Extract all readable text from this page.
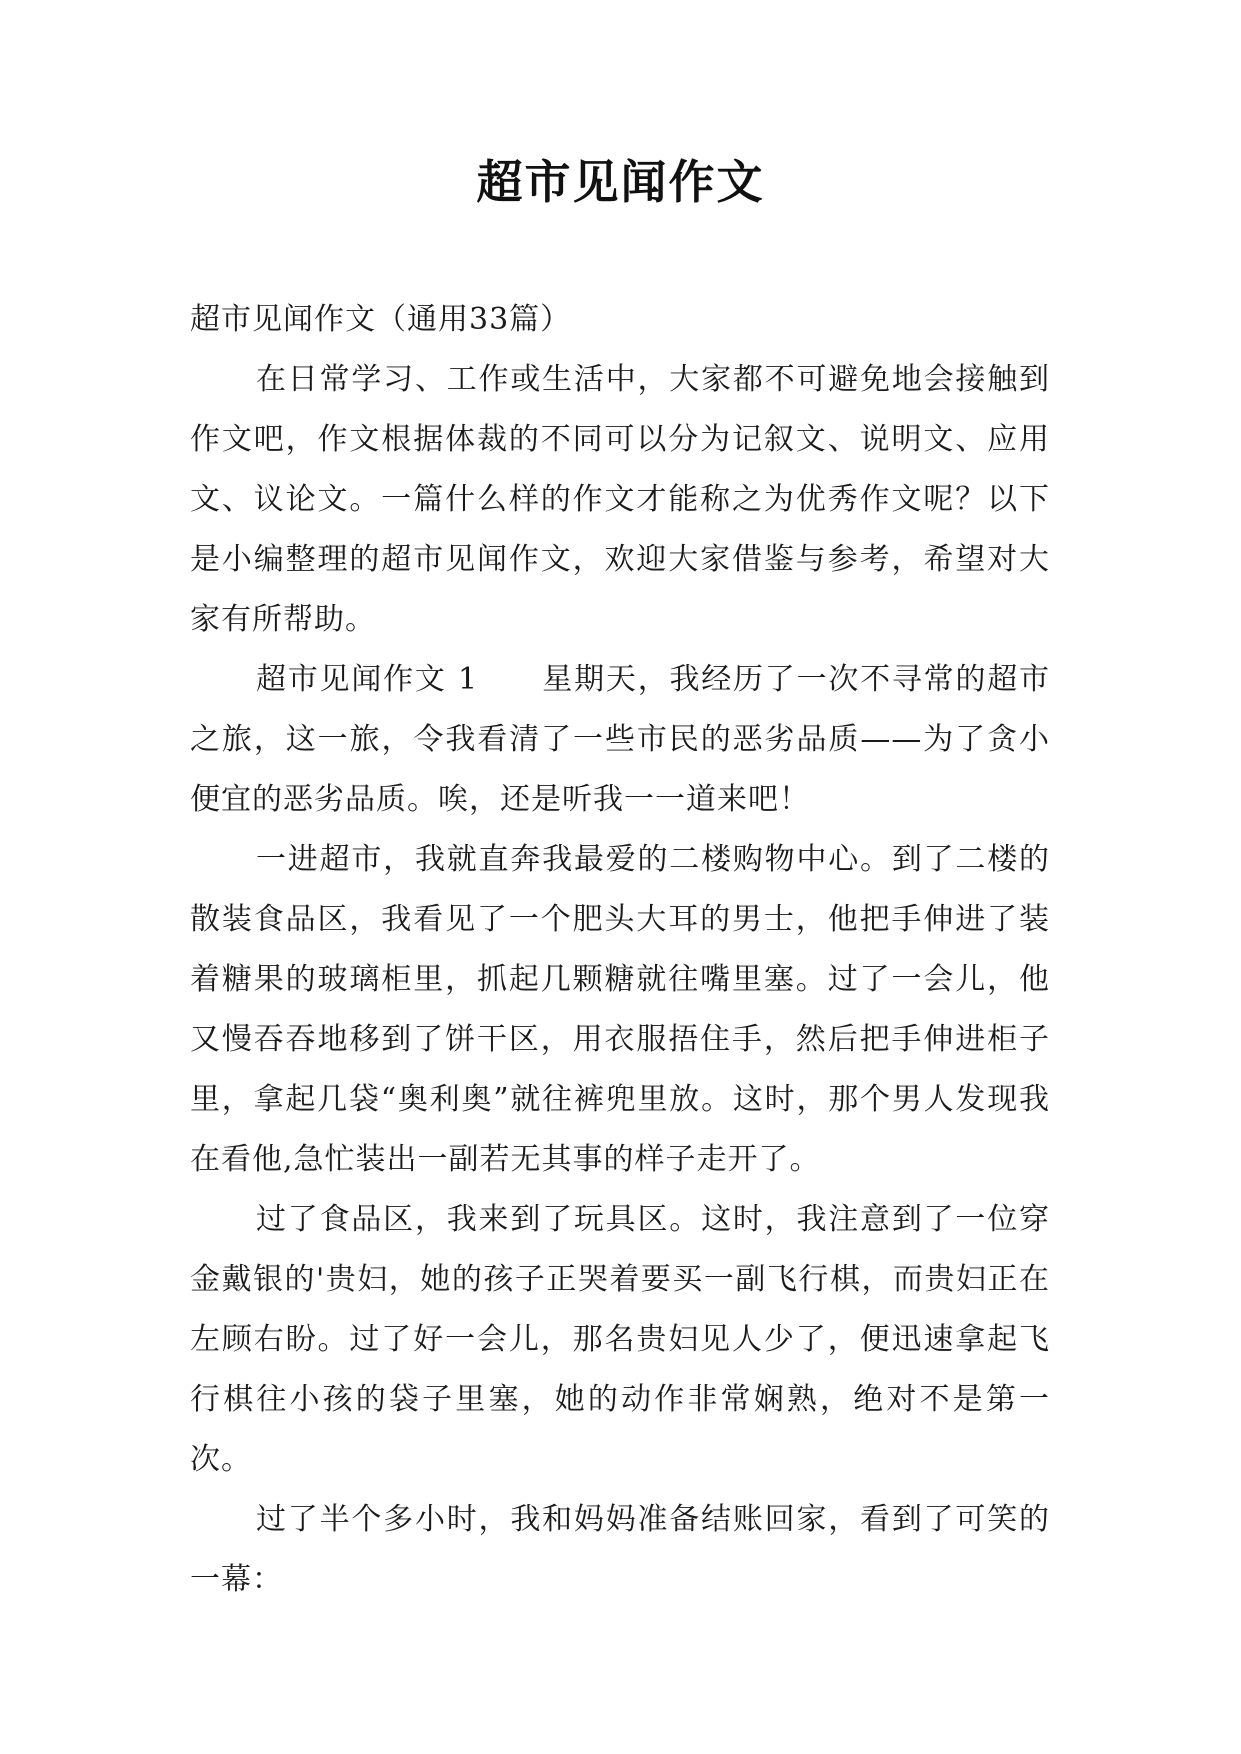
超市见闻作文

超市见闻作文（通用33篇）

在日常学习、工作或生活中，大家都不可避免地会接触到作文吧，作文根据体裁的不同可以分为记叙文、说明文、应用文、议论文。一篇什么样的作文才能称之为优秀作文呢？以下是小编整理的超市见闻作文，欢迎大家借鉴与参考，希望对大家有所帮助。

超市见闻作文 1　　星期天，我经历了一次不寻常的超市之旅，这一旅，令我看清了一些市民的恶劣品质——为了贪小便宜的恶劣品质。唉，还是听我一一道来吧！

一进超市，我就直奔我最爱的二楼购物中心。到了二楼的散装食品区，我看见了一个肥头大耳的男士，他把手伸进了装着糖果的玻璃柜里，抓起几颗糖就往嘴里塞。过了一会儿，他又慢吞吞地移到了饼干区，用衣服捂住手，然后把手伸进柜子里，拿起几袋“奥利奥”就往裤兜里放。这时，那个男人发现我在看他,急忙装出一副若无其事的样子走开了。

过了食品区，我来到了玩具区。这时，我注意到了一位穿金戴银的'贵妇，她的孩子正哭着要买一副飞行棋，而贵妇正在左顾右盼。过了好一会儿，那名贵妇见人少了，便迅速拿起飞行棋往小孩的袋子里塞，她的动作非常娴熟，绝对不是第一次。

过了半个多小时，我和妈妈准备结账回家，看到了可笑的一幕：
